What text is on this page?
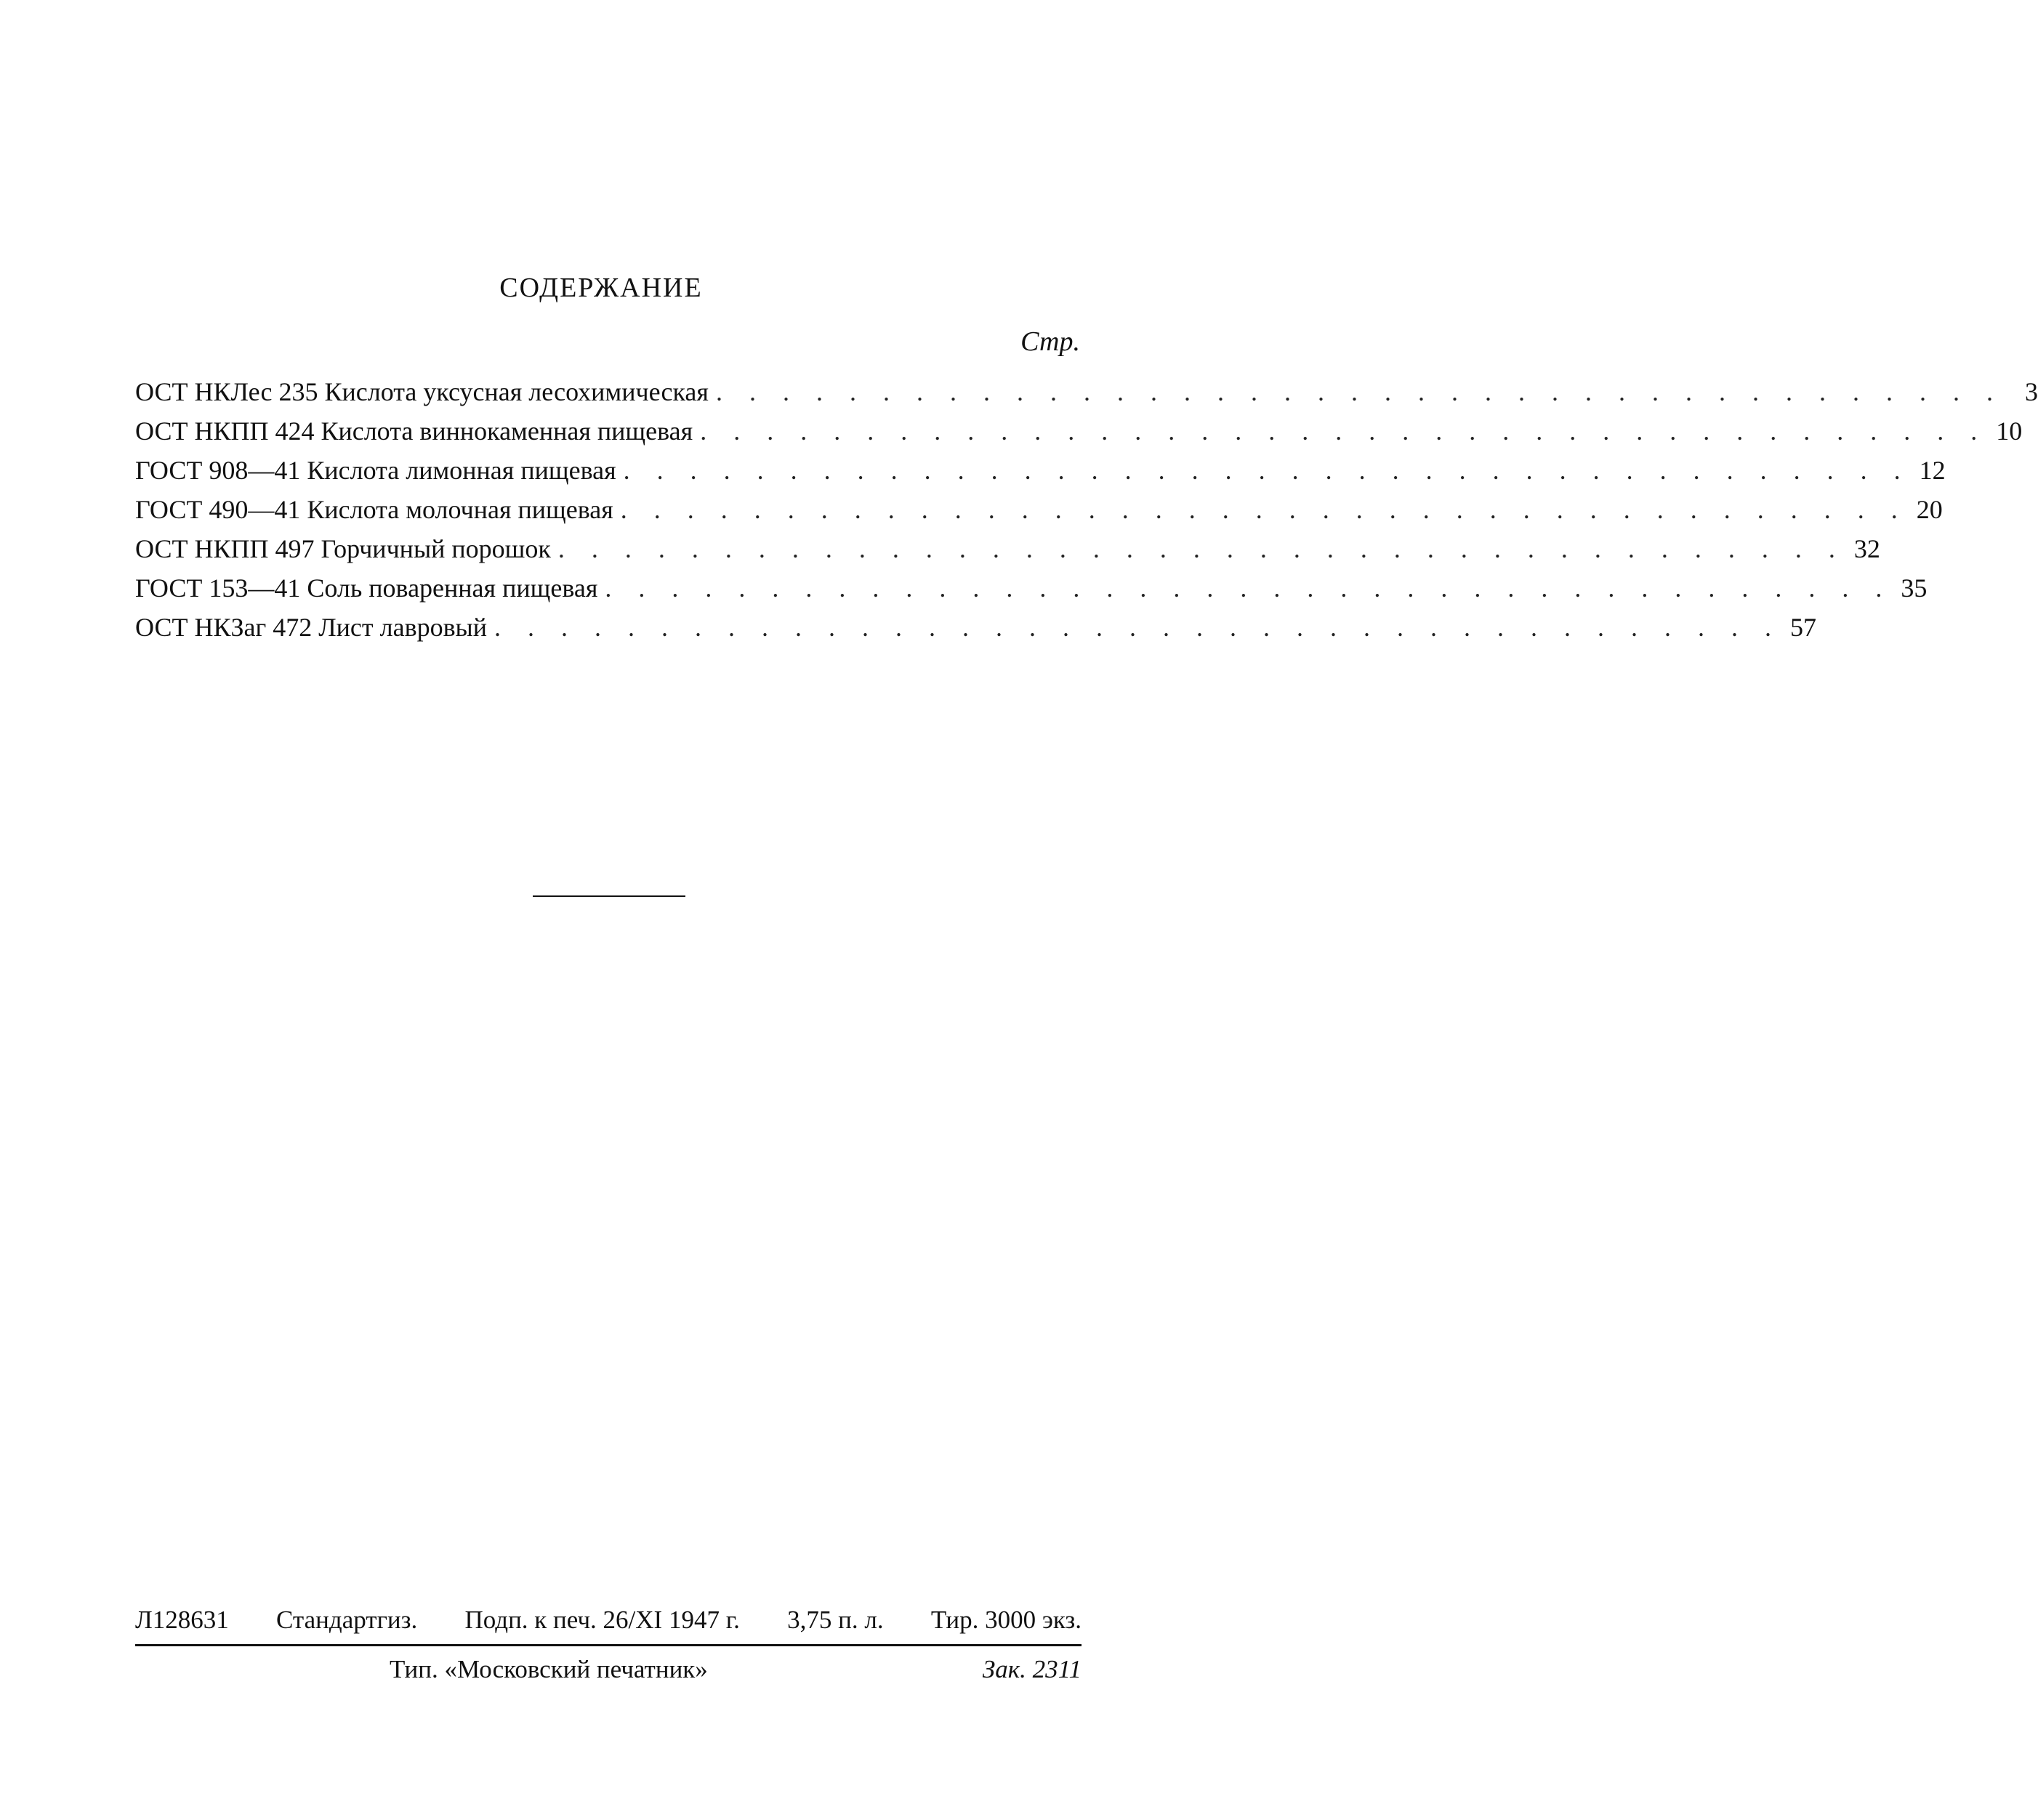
СОДЕРЖАНИЕ
Стр.
ОСТ НКЛес 235 Кислота уксусная лесохимическая . . . . . . . . . . . . . . . . . . . . . . . . . . . . . . . . . . . . . . . 3
ОСТ НКПП 424 Кислота виннокаменная пищевая . . . . . . . . . . . . . . . . . . . . . . . . . . . . . . . . . . . . . . . 10
ГОСТ 908—41 Кислота лимонная пищевая . . . . . . . . . . . . . . . . . . . . . . . . . . . . . . . . . . . . . . . 12
ГОСТ 490—41 Кислота молочная пищевая . . . . . . . . . . . . . . . . . . . . . . . . . . . . . . . . . . . . . . . 20
ОСТ НКПП 497 Горчичный порошок . . . . . . . . . . . . . . . . . . . . . . . . . . . . . . . . . . . . . . . 32
ГОСТ 153—41 Соль поваренная пищевая . . . . . . . . . . . . . . . . . . . . . . . . . . . . . . . . . . . . . . . 35
ОСТ НКЗаг 472 Лист лавровый . . . . . . . . . . . . . . . . . . . . . . . . . . . . . . . . . . . . . . . 57
Л128631 Стандартгиз. Подп. к печ. 26/XI 1947 г. 3,75 п. л. Тир. 3000 экз.
Тип. «Московский печатник»	Зак. 2311
